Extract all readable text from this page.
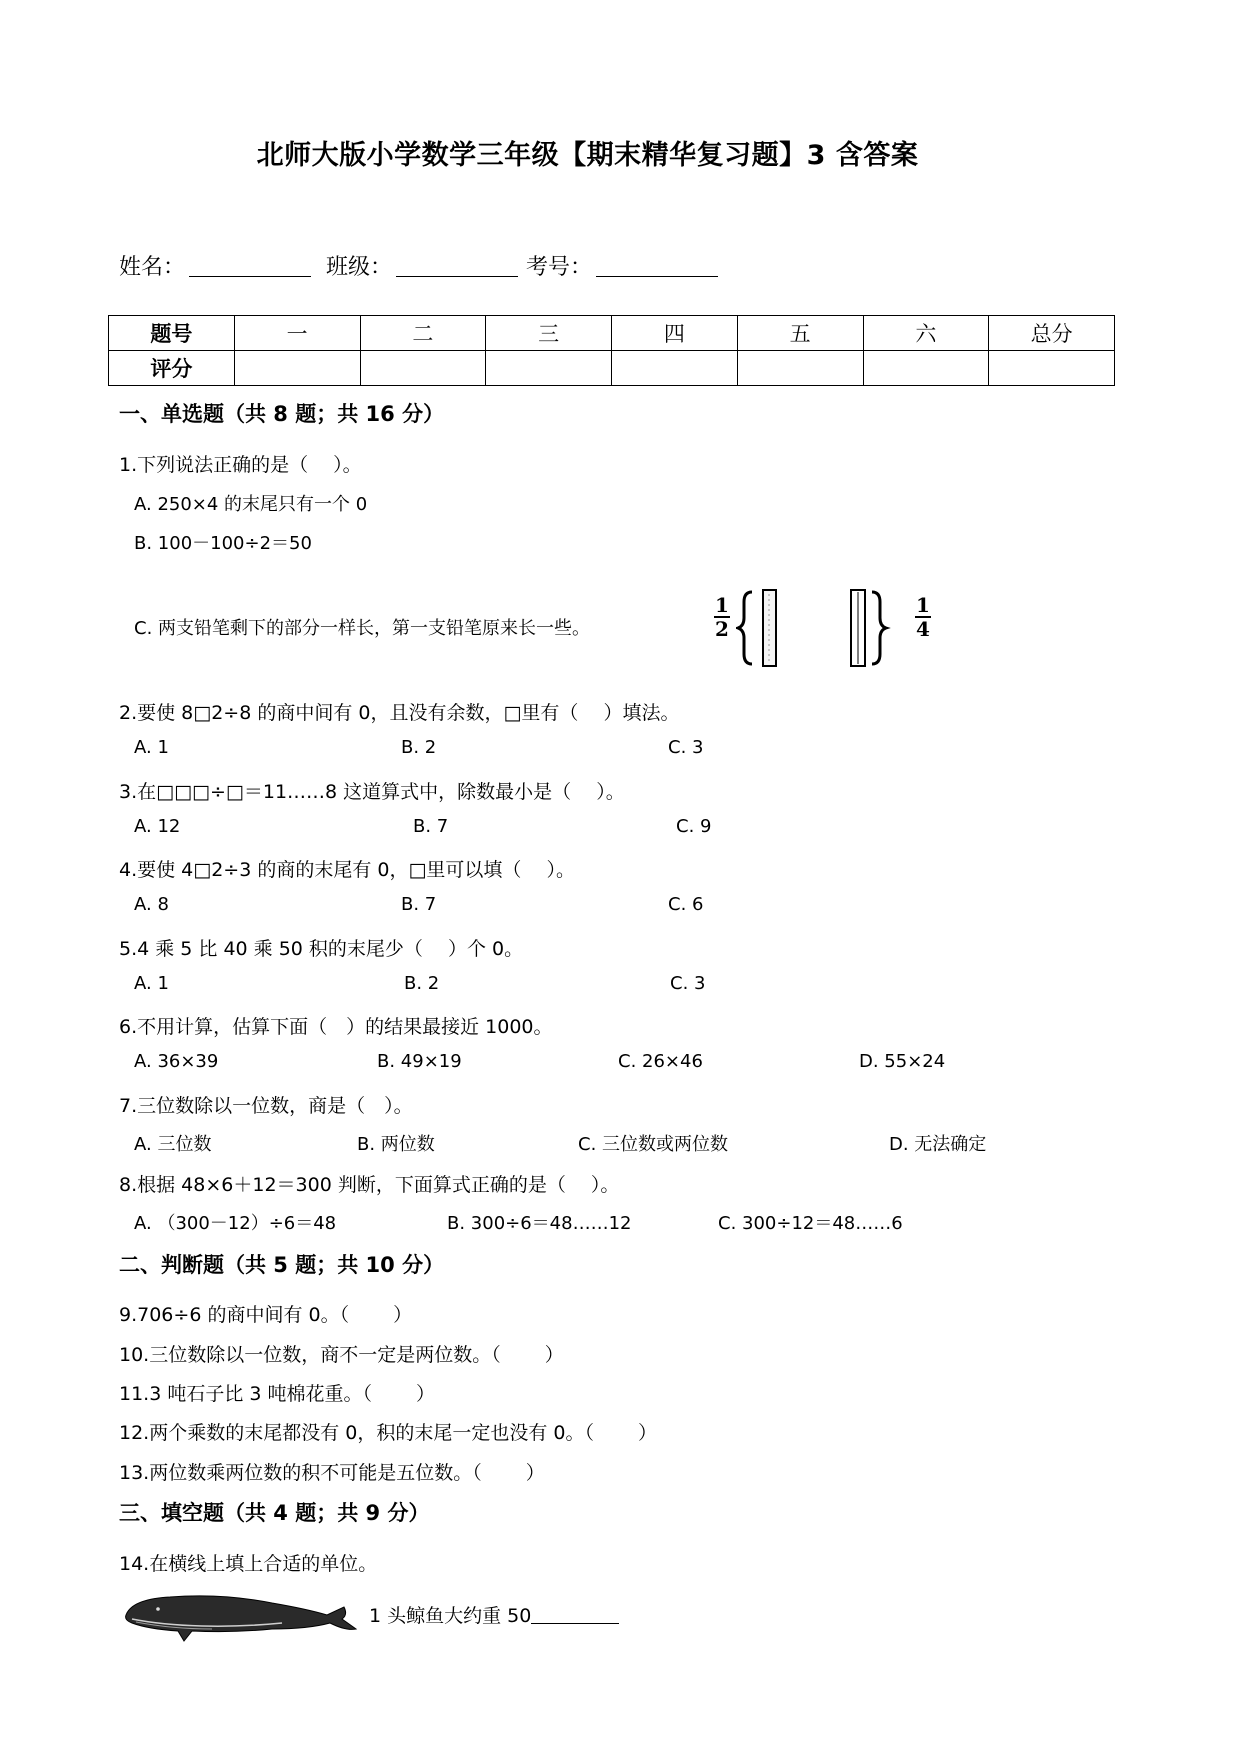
北师大版小学数学三年级【期末精华复习题】3 含答案
姓名：	班级：	考号：
题号	一	二	三	四	五	六	总分
评分							
一、单选题（共 8 题；共 16 分）
1.下列说法正确的是（　 ）。
A. 250×4 的末尾只有一个 0
B. 100－100÷2＝50
C. 两支铅笔剩下的部分一样长，第一支铅笔原来长一些。
1
2
1
4
2.要使 8□2÷8 的商中间有 0，且没有余数，□里有（　 ）填法。
A. 1	B. 2	C. 3
3.在□□□÷□＝11……8 这道算式中，除数最小是（　 ）。
A. 12	B. 7	C. 9
4.要使 4□2÷3 的商的末尾有 0，□里可以填（　 ）。
A. 8	B. 7	C. 6
5.4 乘 5 比 40 乘 50 积的末尾少（　 ）个 0。
A. 1	B. 2	C. 3
6.不用计算，估算下面（　）的结果最接近 1000。
A. 36×39	B. 49×19	C. 26×46	D. 55×24
7.三位数除以一位数，商是（　）。
A. 三位数	B. 两位数	C. 三位数或两位数	D. 无法确定
8.根据 48×6＋12＝300 判断，下面算式正确的是（　 ）。
A. （300－12）÷6＝48	B. 300÷6＝48……12	C. 300÷12＝48……6
二、判断题（共 5 题；共 10 分）
9.706÷6 的商中间有 0。（　　 ）
10.三位数除以一位数，商不一定是两位数。（　　 ）
11.3 吨石子比 3 吨棉花重。（　　 ）
12.两个乘数的末尾都没有 0，积的末尾一定也没有 0。（　　 ）
13.两位数乘两位数的积不可能是五位数。（　　 ）
三、填空题（共 4 题；共 9 分）
14.在横线上填上合适的单位。
1 头鲸鱼大约重 50
